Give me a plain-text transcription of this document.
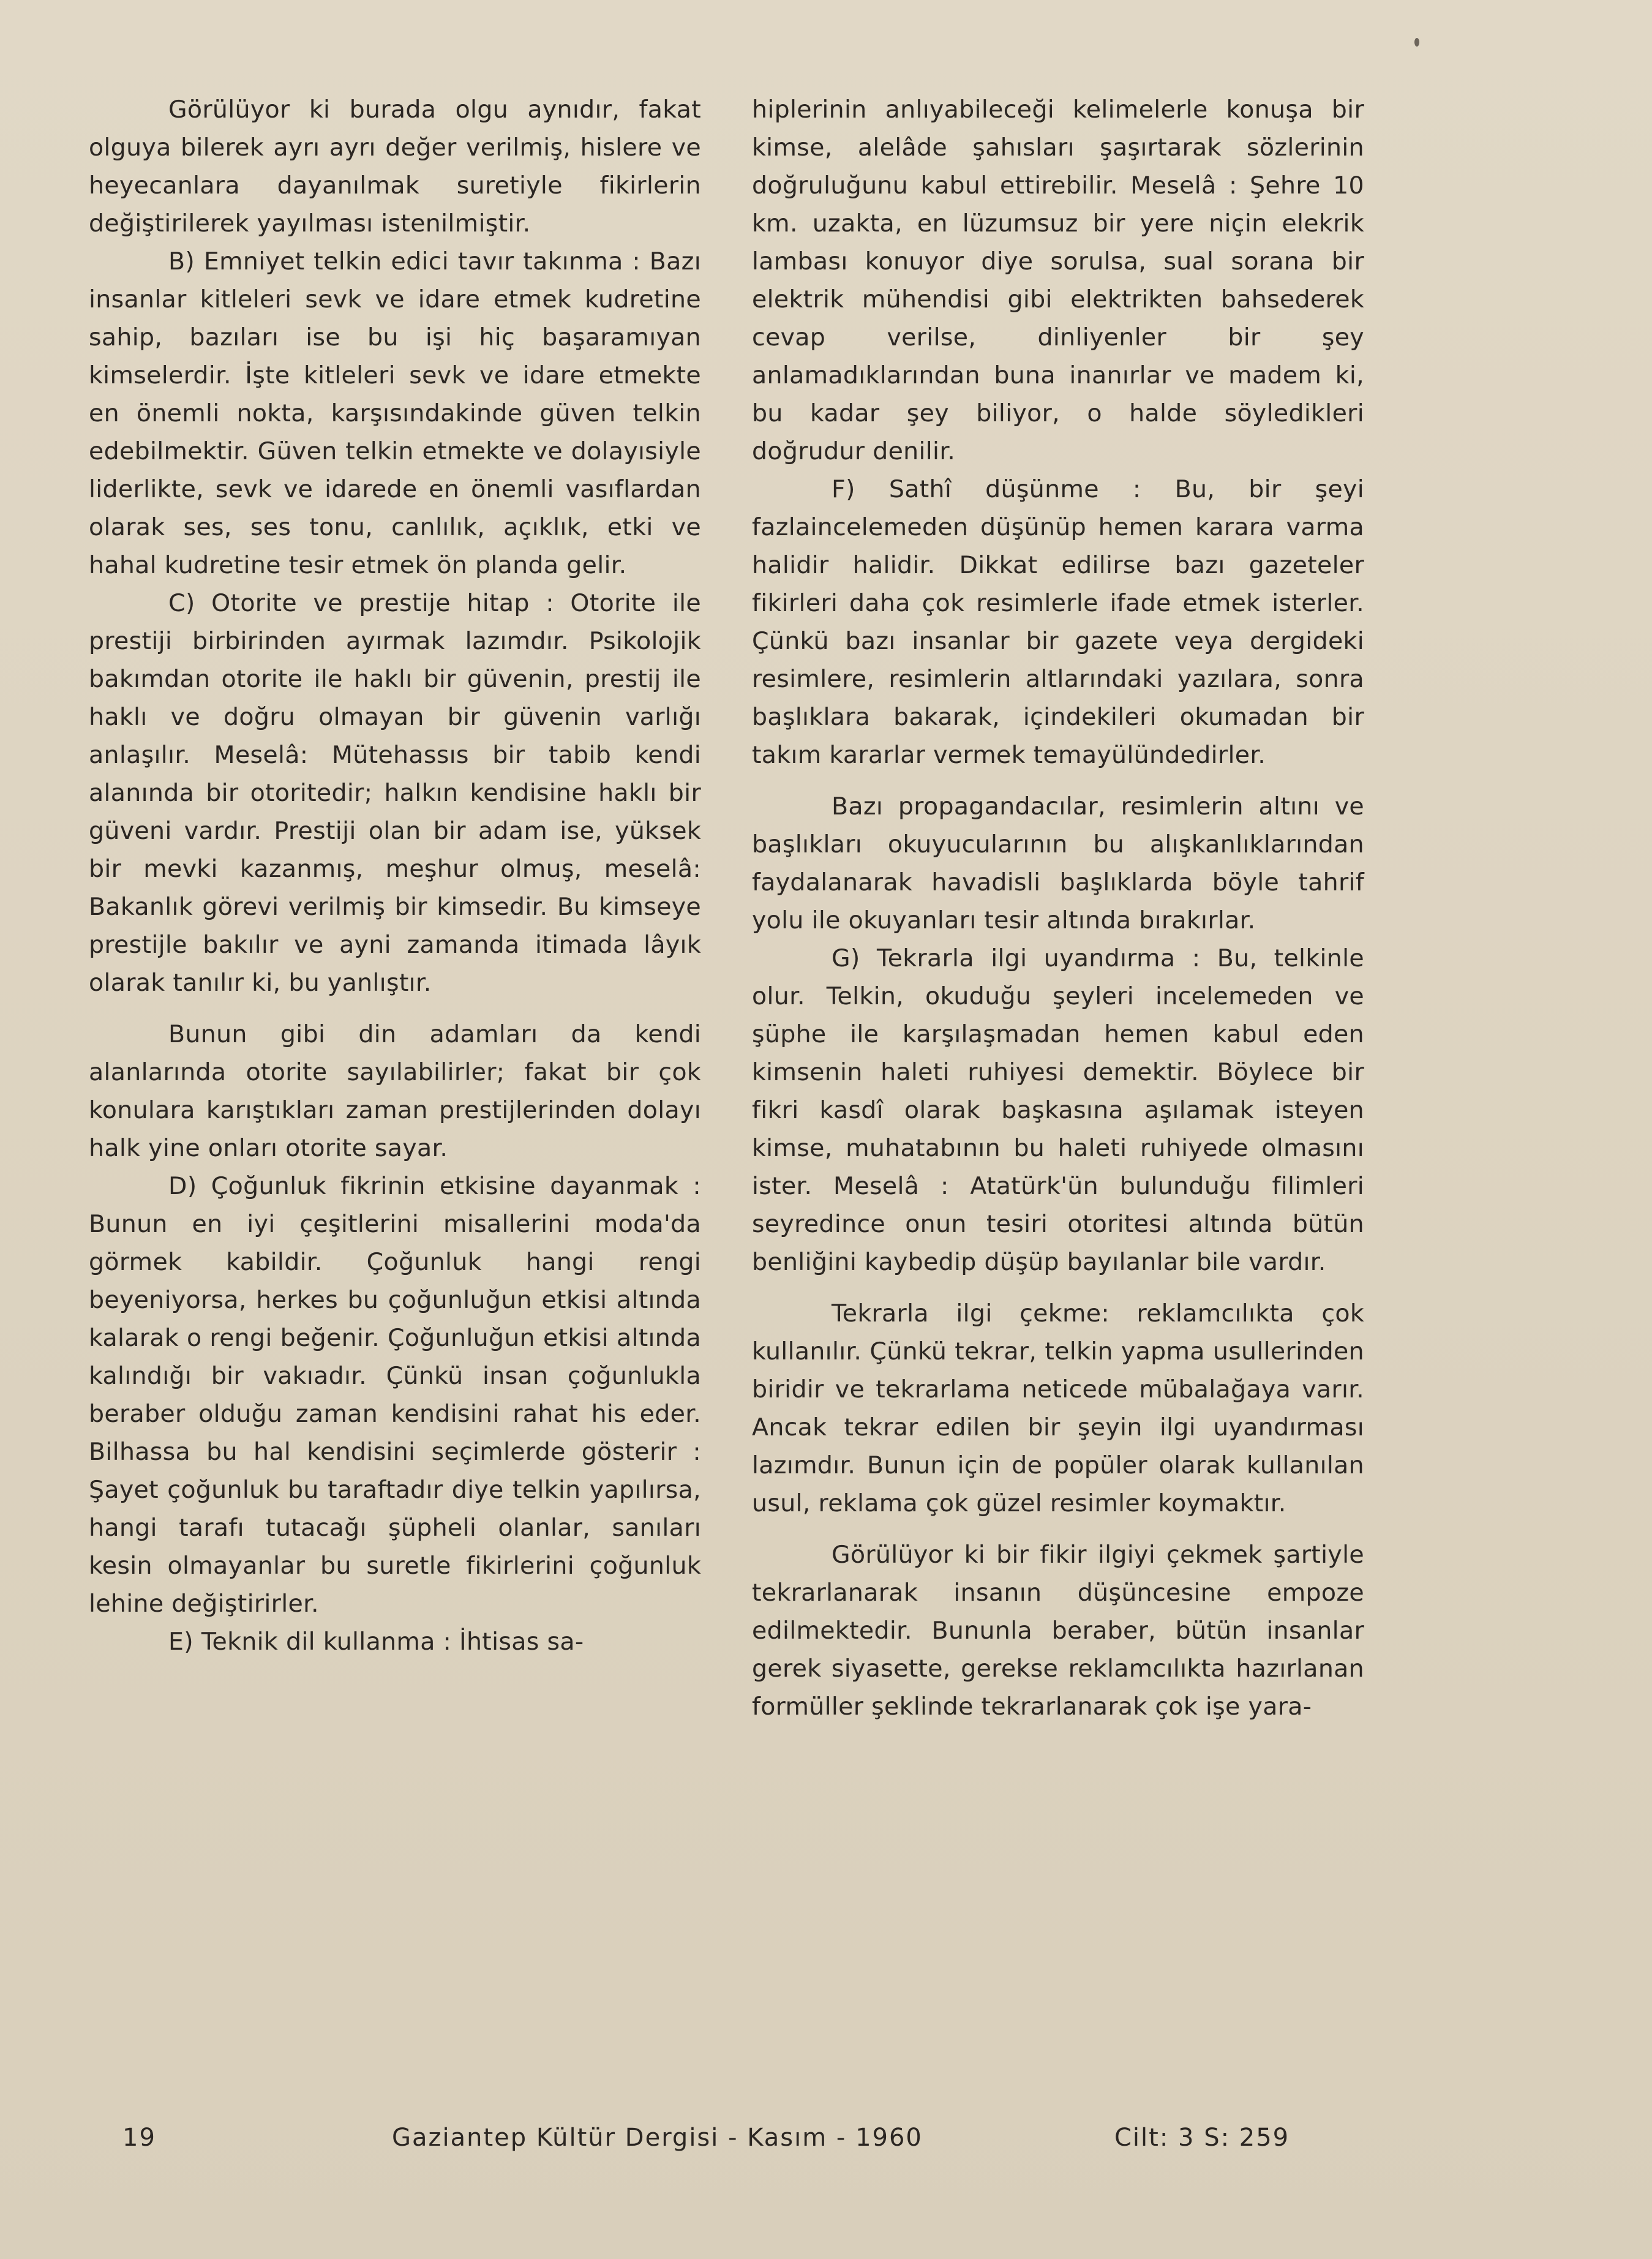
Görülüyor ki burada olgu aynıdır, fakat olguya bilerek ayrı ayrı değer verilmiş, hislere ve heyecanlara dayanılmak suretiyle fikirlerin değiştirilerek yayılması istenilmiştir.

B) Emniyet telkin edici tavır takınma : Bazı insanlar kitleleri sevk ve idare etmek kudretine sahip, bazıları ise bu işi hiç başaramıyan kimselerdir. İşte kitleleri sevk ve idare etmekte en önemli nokta, karşısındakinde güven telkin edebilmektir. Güven telkin etmekte ve dolayısiyle liderlikte, sevk ve idarede en önemli vasıflardan olarak ses, ses tonu, canlılık, açıklık, etki ve hahal kudretine tesir etmek ön planda gelir.

C) Otorite ve prestije hitap : Otorite ile prestiji birbirinden ayırmak lazımdır. Psikolojik bakımdan otorite ile haklı bir güvenin, prestij ile haklı ve doğru olmayan bir güvenin varlığı anlaşılır. Meselâ: Mütehassıs bir tabib kendi alanında bir otoritedir; halkın kendisine haklı bir güveni vardır. Prestiji olan bir adam ise, yüksek bir mevki kazanmış, meşhur olmuş, meselâ: Bakanlık görevi verilmiş bir kimsedir. Bu kimseye prestijle bakılır ve ayni zamanda itimada lâyık olarak tanılır ki, bu yanlıştır.

Bunun gibi din adamları da kendi alanlarında otorite sayılabilirler; fakat bir çok konulara karıştıkları zaman prestijlerinden dolayı halk yine onları otorite sayar.

D) Çoğunluk fikrinin etkisine dayanmak : Bunun en iyi çeşitlerini misallerini moda'da görmek kabildir. Çoğunluk hangi rengi beyeniyorsa, herkes bu çoğunluğun etkisi altında kalarak o rengi beğenir. Çoğunluğun etkisi altında kalındığı bir vakıadır. Çünkü insan çoğunlukla beraber olduğu zaman kendisini rahat his eder. Bilhassa bu hal kendisini seçimlerde gösterir : Şayet çoğunluk bu taraftadır diye telkin yapılırsa, hangi tarafı tutacağı şüpheli olanlar, sanıları kesin olmayanlar bu suretle fikirlerini çoğunluk lehine değiştirirler.

E) Teknik dil kullanma : İhtisas sa-

hiplerinin anlıyabileceği kelimelerle konuşa bir kimse, alelâde şahısları şaşırtarak sözlerinin doğruluğunu kabul ettirebilir. Meselâ : Şehre 10 km. uzakta, en lüzumsuz bir yere niçin elekrik lambası konuyor diye sorulsa, sual sorana bir elektrik mühendisi gibi elektrikten bahsederek cevap verilse, dinliyenler bir şey anlamadıklarından buna inanırlar ve madem ki, bu kadar şey biliyor, o halde söyledikleri doğrudur denilir.

F) Sathî düşünme : Bu, bir şeyi fazlaincelemeden düşünüp hemen karara varma halidir halidir. Dikkat edilirse bazı gazeteler fikirleri daha çok resimlerle ifade etmek isterler. Çünkü bazı insanlar bir gazete veya dergideki resimlere, resimlerin altlarındaki yazılara, sonra başlıklara bakarak, içindekileri okumadan bir takım kararlar vermek temayülündedirler.

Bazı propagandacılar, resimlerin altını ve başlıkları okuyucularının bu alışkanlıklarından faydalanarak havadisli başlıklarda böyle tahrif yolu ile okuyanları tesir altında bırakırlar.

G) Tekrarla ilgi uyandırma : Bu, telkinle olur. Telkin, okuduğu şeyleri incelemeden ve şüphe ile karşılaşmadan hemen kabul eden kimsenin haleti ruhiyesi demektir. Böylece bir fikri kasdî olarak başkasına aşılamak isteyen kimse, muhatabının bu haleti ruhiyede olmasını ister. Meselâ : Atatürk'ün bulunduğu filimleri seyredince onun tesiri otoritesi altında bütün benliğini kaybedip düşüp bayılanlar bile vardır.

Tekrarla ilgi çekme: reklamcılıkta çok kullanılır. Çünkü tekrar, telkin yapma usullerinden biridir ve tekrarlama neticede mübalağaya varır. Ancak tekrar edilen bir şeyin ilgi uyandırması lazımdır. Bunun için de popüler olarak kullanılan usul, reklama çok güzel resimler koymaktır.

Görülüyor ki bir fikir ilgiyi çekmek şartiyle tekrarlanarak insanın düşüncesine empoze edilmektedir. Bununla beraber, bütün insanlar gerek siyasette, gerekse reklamcılıkta hazırlanan formüller şeklinde tekrarlanarak çok işe yara-

19	Gaziantep Kültür Dergisi - Kasım - 1960	Cilt: 3 S: 259
